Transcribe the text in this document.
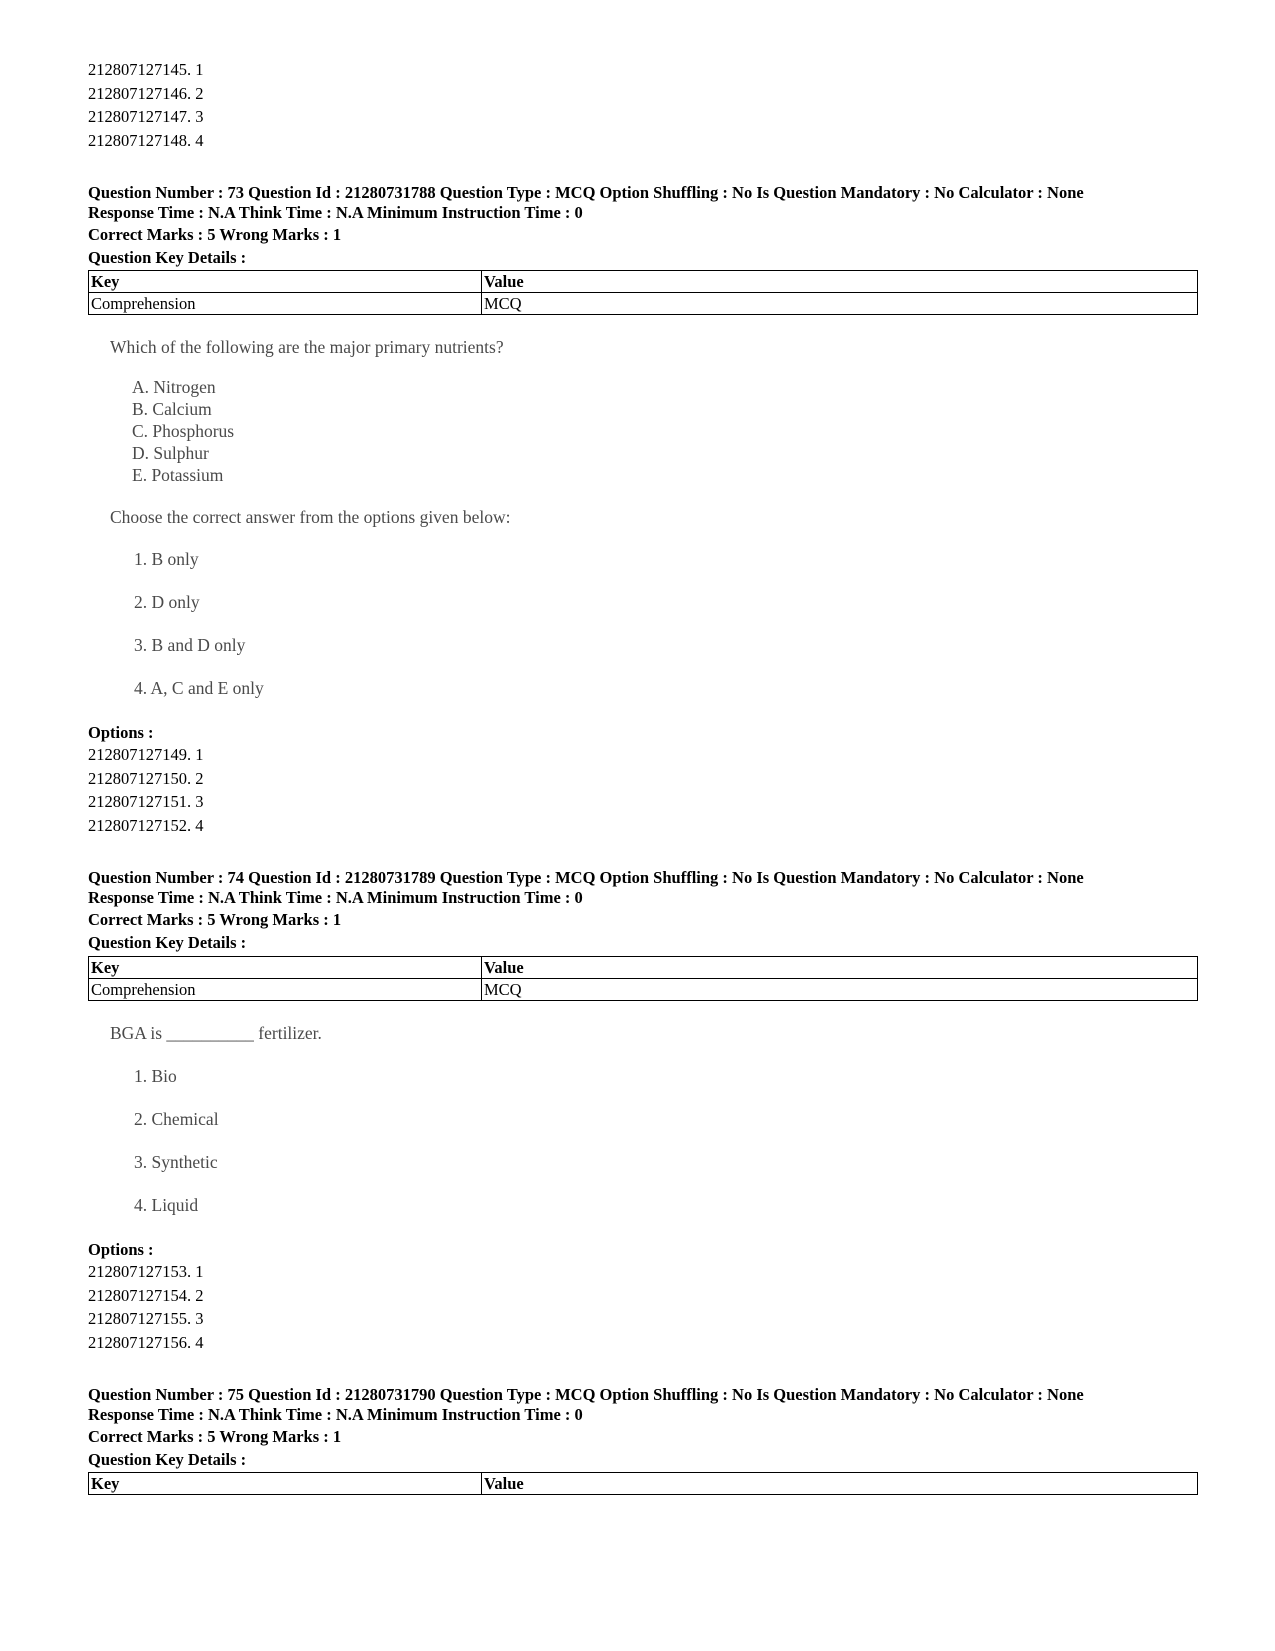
212807127145. 1
212807127146. 2
212807127147. 3
212807127148. 4
Question Number : 73 Question Id : 21280731788 Question Type : MCQ Option Shuffling : No Is Question Mandatory : No Calculator : None
Response Time : N.A Think Time : N.A Minimum Instruction Time : 0
Correct Marks : 5 Wrong Marks : 1
Question Key Details :
Key	Value
Comprehension	MCQ
Which of the following are the major primary nutrients?
A. Nitrogen
B. Calcium
C. Phosphorus
D. Sulphur
E. Potassium
Choose the correct answer from the options given below:
1. B only
2. D only
3. B and D only
4. A, C and E only
Options :
212807127149. 1
212807127150. 2
212807127151. 3
212807127152. 4
Question Number : 74 Question Id : 21280731789 Question Type : MCQ Option Shuffling : No Is Question Mandatory : No Calculator : None
Response Time : N.A Think Time : N.A Minimum Instruction Time : 0
Correct Marks : 5 Wrong Marks : 1
Question Key Details :
Key	Value
Comprehension	MCQ
BGA is __________ fertilizer.
1. Bio
2. Chemical
3. Synthetic
4. Liquid
Options :
212807127153. 1
212807127154. 2
212807127155. 3
212807127156. 4
Question Number : 75 Question Id : 21280731790 Question Type : MCQ Option Shuffling : No Is Question Mandatory : No Calculator : None
Response Time : N.A Think Time : N.A Minimum Instruction Time : 0
Correct Marks : 5 Wrong Marks : 1
Question Key Details :
Key	Value
